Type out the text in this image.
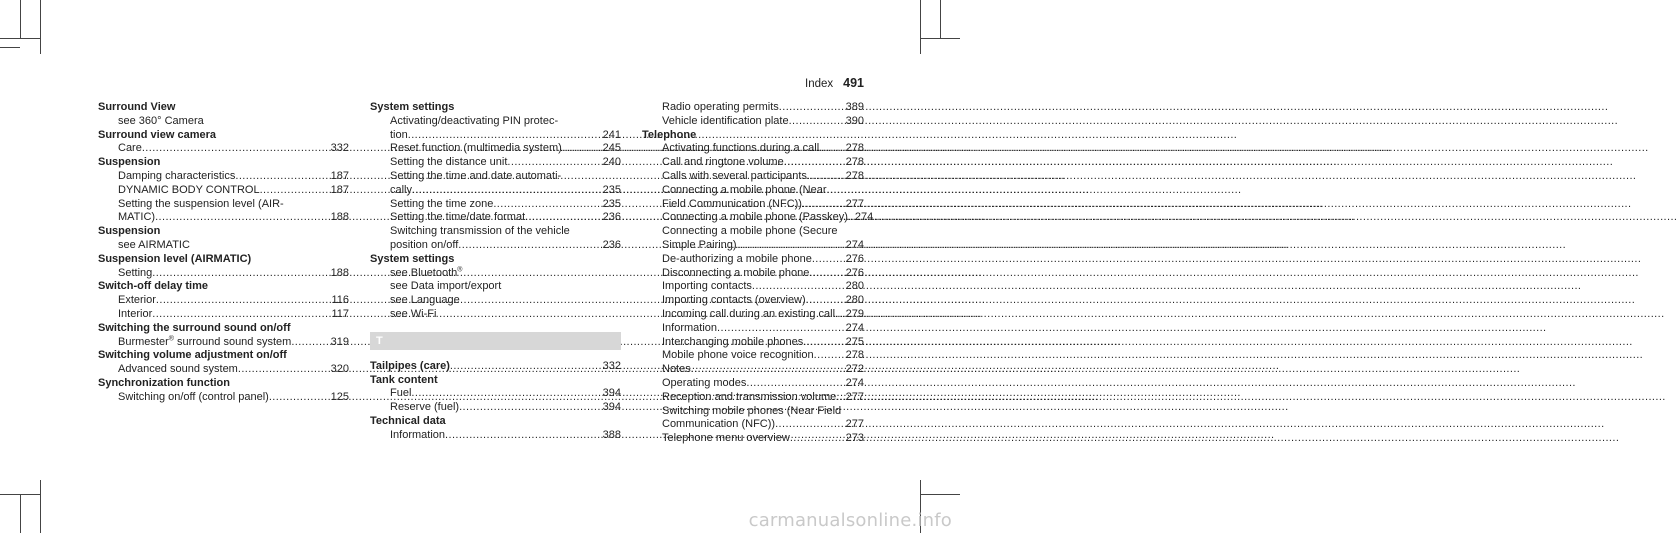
Index 491
Surround View
see 360° Camera
Surround view camera
Care .....	332
Suspension
Damping characteristics .....	187
DYNAMIC BODY CONTROL .....	187
Setting the suspension level (AIR-
MATIC) .....	188
Suspension
see AIRMATIC
Suspension level (AIRMATIC)
Setting .....	188
Switch-off delay time
Exterior .....	116
Interior .....	117
Switching the surround sound on/off
Burmester® surround sound system .....	319
Switching volume adjustment on/off
Advanced sound system .....	320
Synchronization function
Switching on/off (control panel) .....	125
System settings
Activating/deactivating PIN protec-
tion .....	241
Reset function (multimedia system) .....	245
Setting the distance unit .....	240
Setting the time and date automati-
cally .....	235
Setting the time zone .....	235
Setting the time/date format .....	236
Switching transmission of the vehicle
position on/off .....	236
System settings
see Bluetooth®
see Data import/export
see Language
see Wi-Fi
T
Tailpipes (care) .....	332
Tank content
Fuel .....	394
Reserve (fuel) .....	394
Technical data
Information .....	388
Radio operating permits .....	389
Vehicle identification plate .....	390
Telephone
Activating functions during a call ..... 278
Call and ringtone volume .....	278
Calls with several participants .....	278
Connecting a mobile phone (Near
Field Communication (NFC)) .....	277
Connecting a mobile phone (Passkey) ..... 274
Connecting a mobile phone (Secure
Simple Pairing) .....	274
De-authorizing a mobile phone .....	276
Disconnecting a mobile phone .....	276
Importing contacts .....	280
Importing contacts (overview) .....	280
Incoming call during an existing call ..... 279
Information .....	274
Interchanging mobile phones .....	275
Mobile phone voice recognition .....	278
Notes .....	272
Operating modes .....	274
Reception and transmission volume ..... 277
Switching mobile phones (Near Field
Communication (NFC)) .....	277
Telephone menu overview .....	273
carmanualsonline.info
